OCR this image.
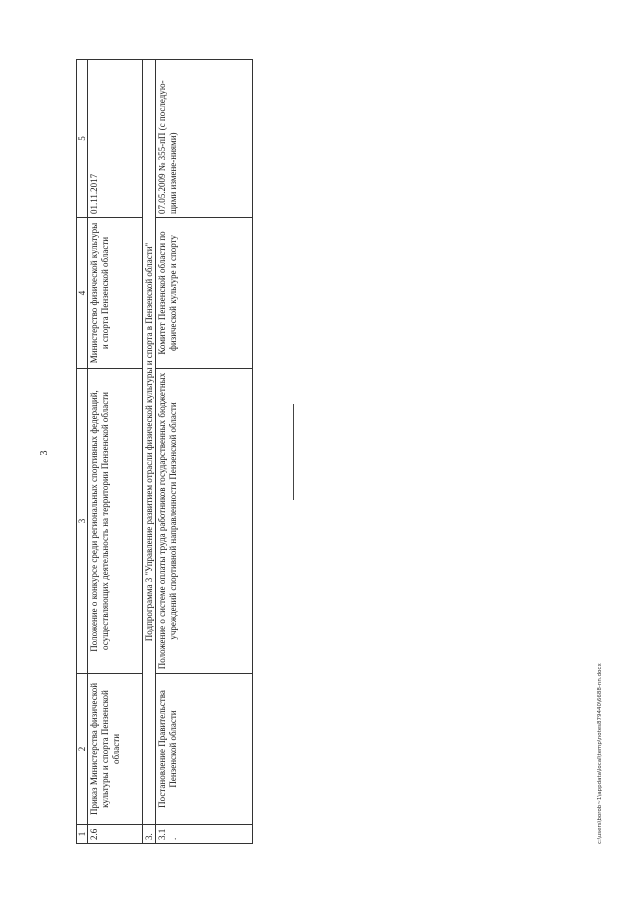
3
1	2	3	4	5
2.6	Приказ Министерства физической культуры и спорта Пензенской области	Положение о конкурсе среди региональных спортивных федераций, осуществляющих деятельность на территории Пензенской области	Министерство физической культуры и спорта Пензенской области	01.11.2017
3.	Подпрограмма 3 "Управление развитием отрасли физической культуры и спорта в Пензенской области"			
3.1.	Постановление Правительства Пензенской области	Положение о системе оплаты труда работников государственных бюджетных учреждений спортивной направленности Пензенской области	Комитет Пензенской области по физической культуре и спорту	07.05.2009 № 355-пП (с последую-щими измене-ниями)
c:\users\borob~1\appdata\local\temp\notes879440\6688-nn.docx
